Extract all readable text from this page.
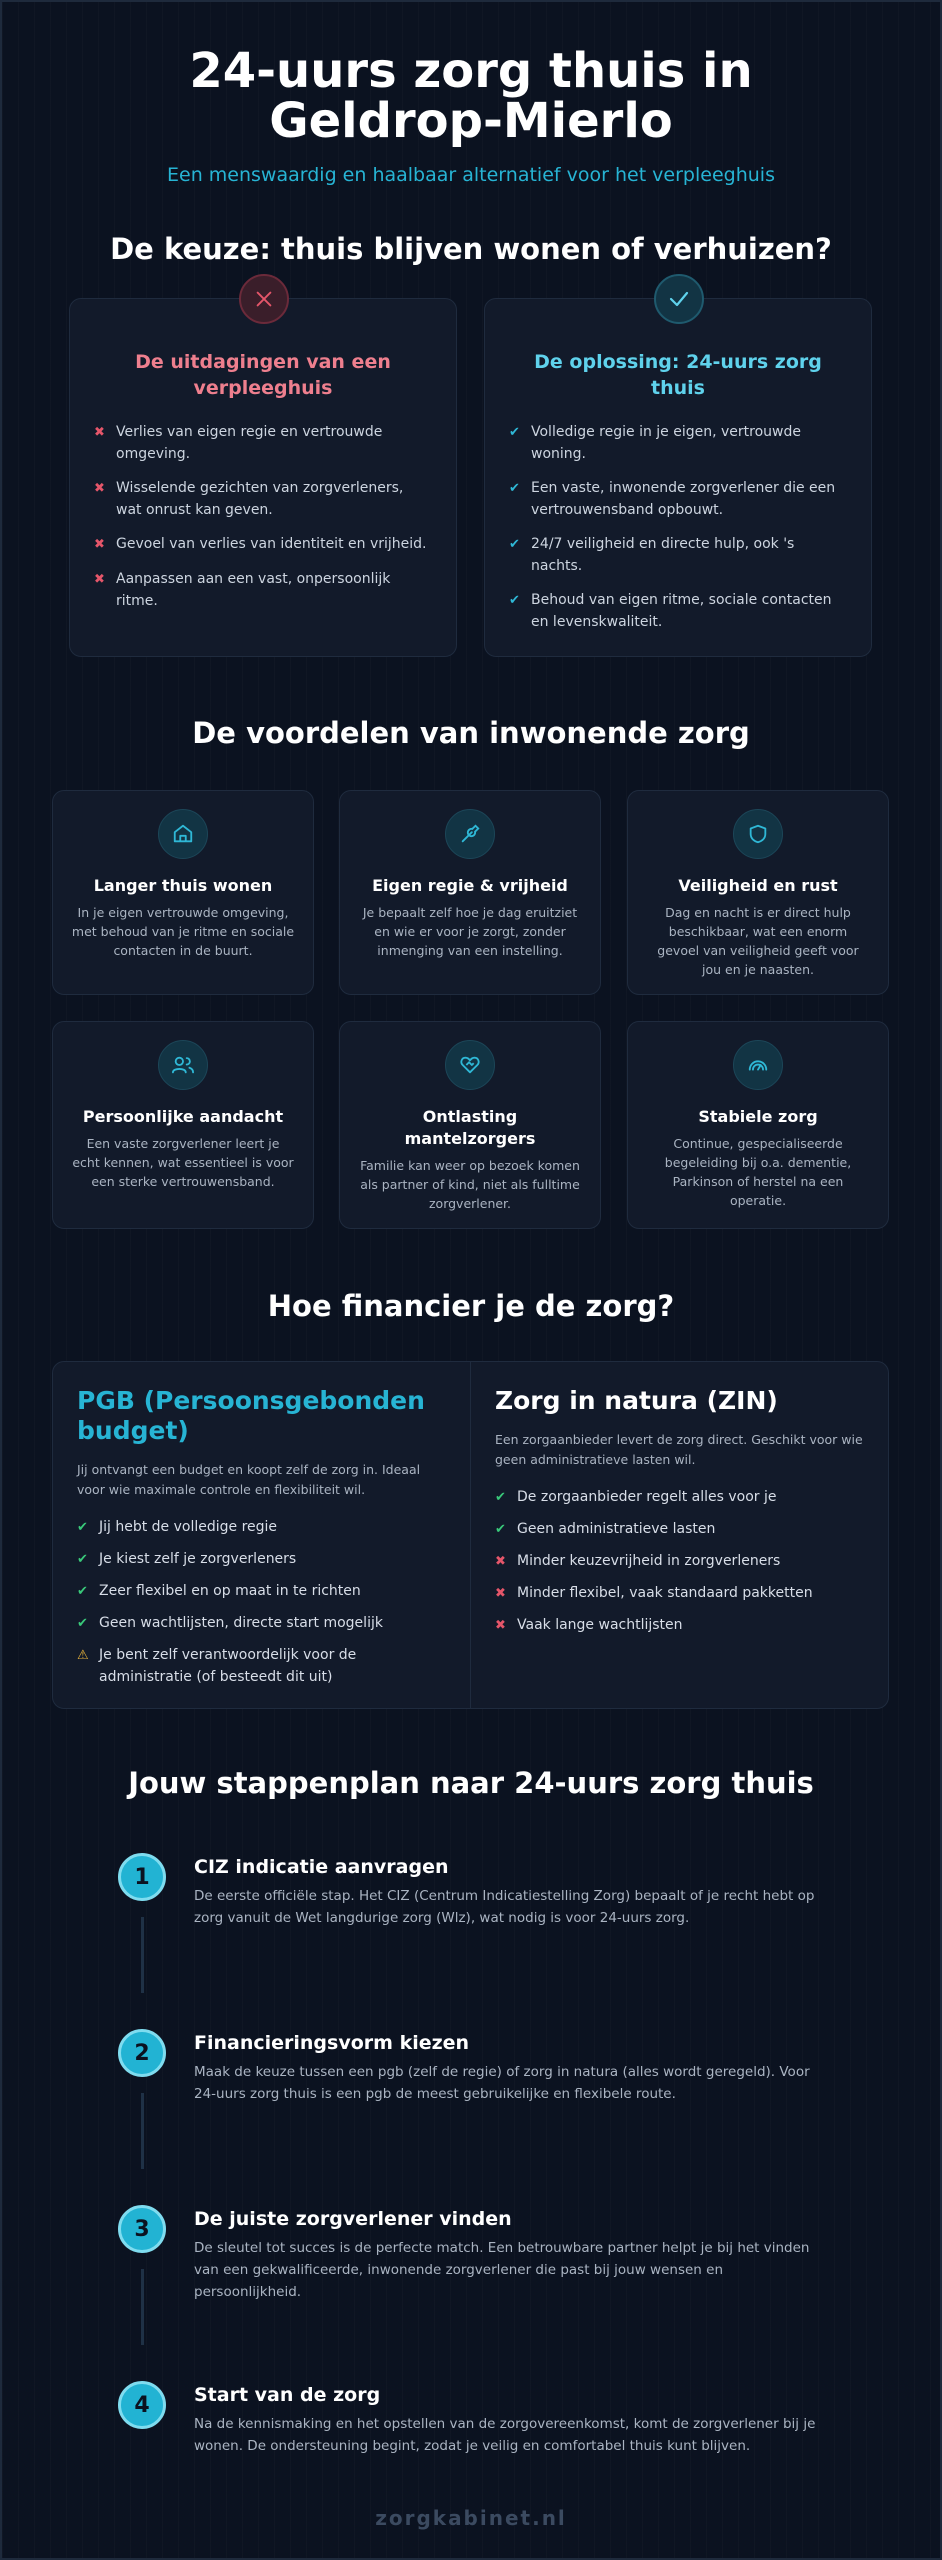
24-uurs zorg thuis in
Geldrop-Mierlo
Een menswaardig en haalbaar alternatief voor het verpleeghuis
De keuze: thuis blijven wonen of verhuizen?
De uitdagingen van een verpleeghuis
✖ Verlies van eigen regie en vertrouwde omgeving.
✖ Wisselende gezichten van zorgverleners, wat onrust kan geven.
✖ Gevoel van verlies van identiteit en vrijheid.
✖ Aanpassen aan een vast, onpersoonlijk ritme.
De oplossing: 24-uurs zorg thuis
✔ Volledige regie in je eigen, vertrouwde woning.
✔ Een vaste, inwonende zorgverlener die een vertrouwensband opbouwt.
✔ 24/7 veiligheid en directe hulp, ook 's nachts.
✔ Behoud van eigen ritme, sociale contacten en levenskwaliteit.
De voordelen van inwonende zorg
Langer thuis wonen

In je eigen vertrouwde omgeving, met behoud van je ritme en sociale contacten in de buurt.

Eigen regie & vrijheid

Je bepaalt zelf hoe je dag eruitziet en wie er voor je zorgt, zonder inmenging van een instelling.

Veiligheid en rust

Dag en nacht is er direct hulp beschikbaar, wat een enorm gevoel van veiligheid geeft voor jou en je naasten.

Persoonlijke aandacht

Een vaste zorgverlener leert je echt kennen, wat essentieel is voor een sterke vertrouwensband.

Ontlasting mantelzorgers

Familie kan weer op bezoek komen als partner of kind, niet als fulltime zorgverlener.

Stabiele zorg

Continue, gespecialiseerde begeleiding bij o.a. dementie, Parkinson of herstel na een operatie.

Hoe financier je de zorg?
PGB (Persoonsgebonden budget)
Jij ontvangt een budget en koopt zelf de zorg in. Ideaal voor wie maximale controle en flexibiliteit wil.
✔ Jij hebt de volledige regie
✔ Je kiest zelf je zorgverleners
✔ Zeer flexibel en op maat in te richten
✔ Geen wachtlijsten, directe start mogelijk
⚠ Je bent zelf verantwoordelijk voor de administratie (of besteedt dit uit)
Zorg in natura (ZIN)
Een zorgaanbieder levert de zorg direct. Geschikt voor wie geen administratieve lasten wil.
✔ De zorgaanbieder regelt alles voor je
✔ Geen administratieve lasten
✖ Minder keuzevrijheid in zorgverleners
✖ Minder flexibel, vaak standaard pakketten
✖ Vaak lange wachtlijsten
Jouw stappenplan naar 24-uurs zorg thuis
1	CIZ indicatie aanvragen

De eerste officiële stap. Het CIZ (Centrum Indicatiestelling Zorg) bepaalt of je recht hebt op zorg vanuit de Wet langdurige zorg (Wlz), wat nodig is voor 24-uurs zorg.

2	Financieringsvorm kiezen

Maak de keuze tussen een pgb (zelf de regie) of zorg in natura (alles wordt geregeld). Voor 24-uurs zorg thuis is een pgb de meest gebruikelijke en flexibele route.

3	De juiste zorgverlener vinden

De sleutel tot succes is de perfecte match. Een betrouwbare partner helpt je bij het vinden van een gekwalificeerde, inwonende zorgverlener die past bij jouw wensen en persoonlijkheid.

4	Start van de zorg

Na de kennismaking en het opstellen van de zorgovereenkomst, komt de zorgverlener bij je wonen. De ondersteuning begint, zodat je veilig en comfortabel thuis kunt blijven.

zorgkabinet.nl
